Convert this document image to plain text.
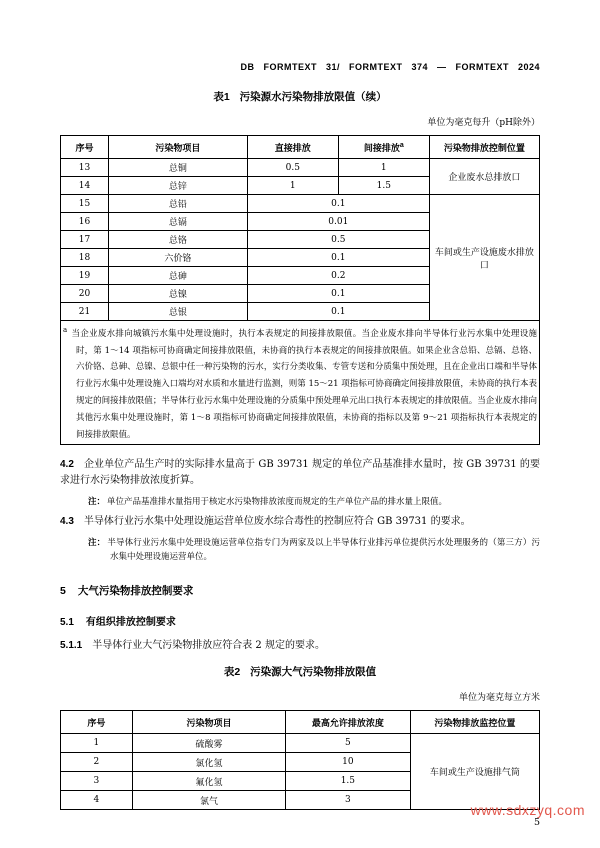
DB FORMTEXT 31/ FORMTEXT 374 — FORMTEXT 2024
表1 污染源水污染物排放限值（续）
单位为毫克每升（pH除外）
序号	污染物项目	直接排放	间接排放$^a$	污染物排放控制位置
13	总铜	0.5	1	企业废水总排放口
14	总锌	1	1.5	
15	总铅	0.1		车间或生产设施废水排放口
16	总镉	0.01		
17	总铬	0.5		
18	六价铬	0.1		
19	总砷	0.2		
20	总镍	0.1		
21	总银	0.1		

$^a$ 当企业废水排向城镇污水集中处理设施时，执行本表规定的间接排放限值。当企业废水排向半导体行业污水集中处理设施时，第 1～14 项指标可协商确定间接排放限值，未协商的执行本表规定的间接排放限值。如果企业含总铅、总镉、总铬、六价铬、总砷、总镍、总银中任一种污染物的污水，实行分类收集、专管专送和分质集中预处理，且在企业出口端和半导体行业污水集中处理设施入口端均对水质和水量进行监测，则第 15～21 项指标可协商确定间接排放限值，未协商的执行本表规定的间接排放限值；半导体行业污水集中处理设施的分质集中预处理单元出口执行本表规定的排放限值。当企业废水排向其他污水集中处理设施时，第 1～8 项指标可协商确定间接排放限值，未协商的指标以及第 9～21 项指标执行本表规定的间接排放限值。				

4.2 企业单位产品生产时的实际排水量高于 GB 39731 规定的单位产品基准排水量时，按 GB 39731 的要求进行水污染物排放浓度折算。

注： 单位产品基准排水量指用于核定水污染物排放浓度而规定的生产单位产品的排水量上限值。

4.3 半导体行业污水集中处理设施运营单位废水综合毒性的控制应符合 GB 39731 的要求。

注： 半导体行业污水集中处理设施运营单位指专门为两家及以上半导体行业排污单位提供污水处理服务的（第三方）污水集中处理设施运营单位。

5 大气污染物排放控制要求
5.1 有组织排放控制要求

5.1.1 半导体行业大气污染物排放应符合表 2 规定的要求。

表2 污染源大气污染物排放限值
单位为毫克每立方米
序号	污染物项目	最高允许排放浓度	污染物排放监控位置
1	硫酸雾	5	车间或生产设施排气筒
2	氯化氢	10	
3	氟化氢	1.5	
4	氯气	3	
5
www.sdxzyq.com
